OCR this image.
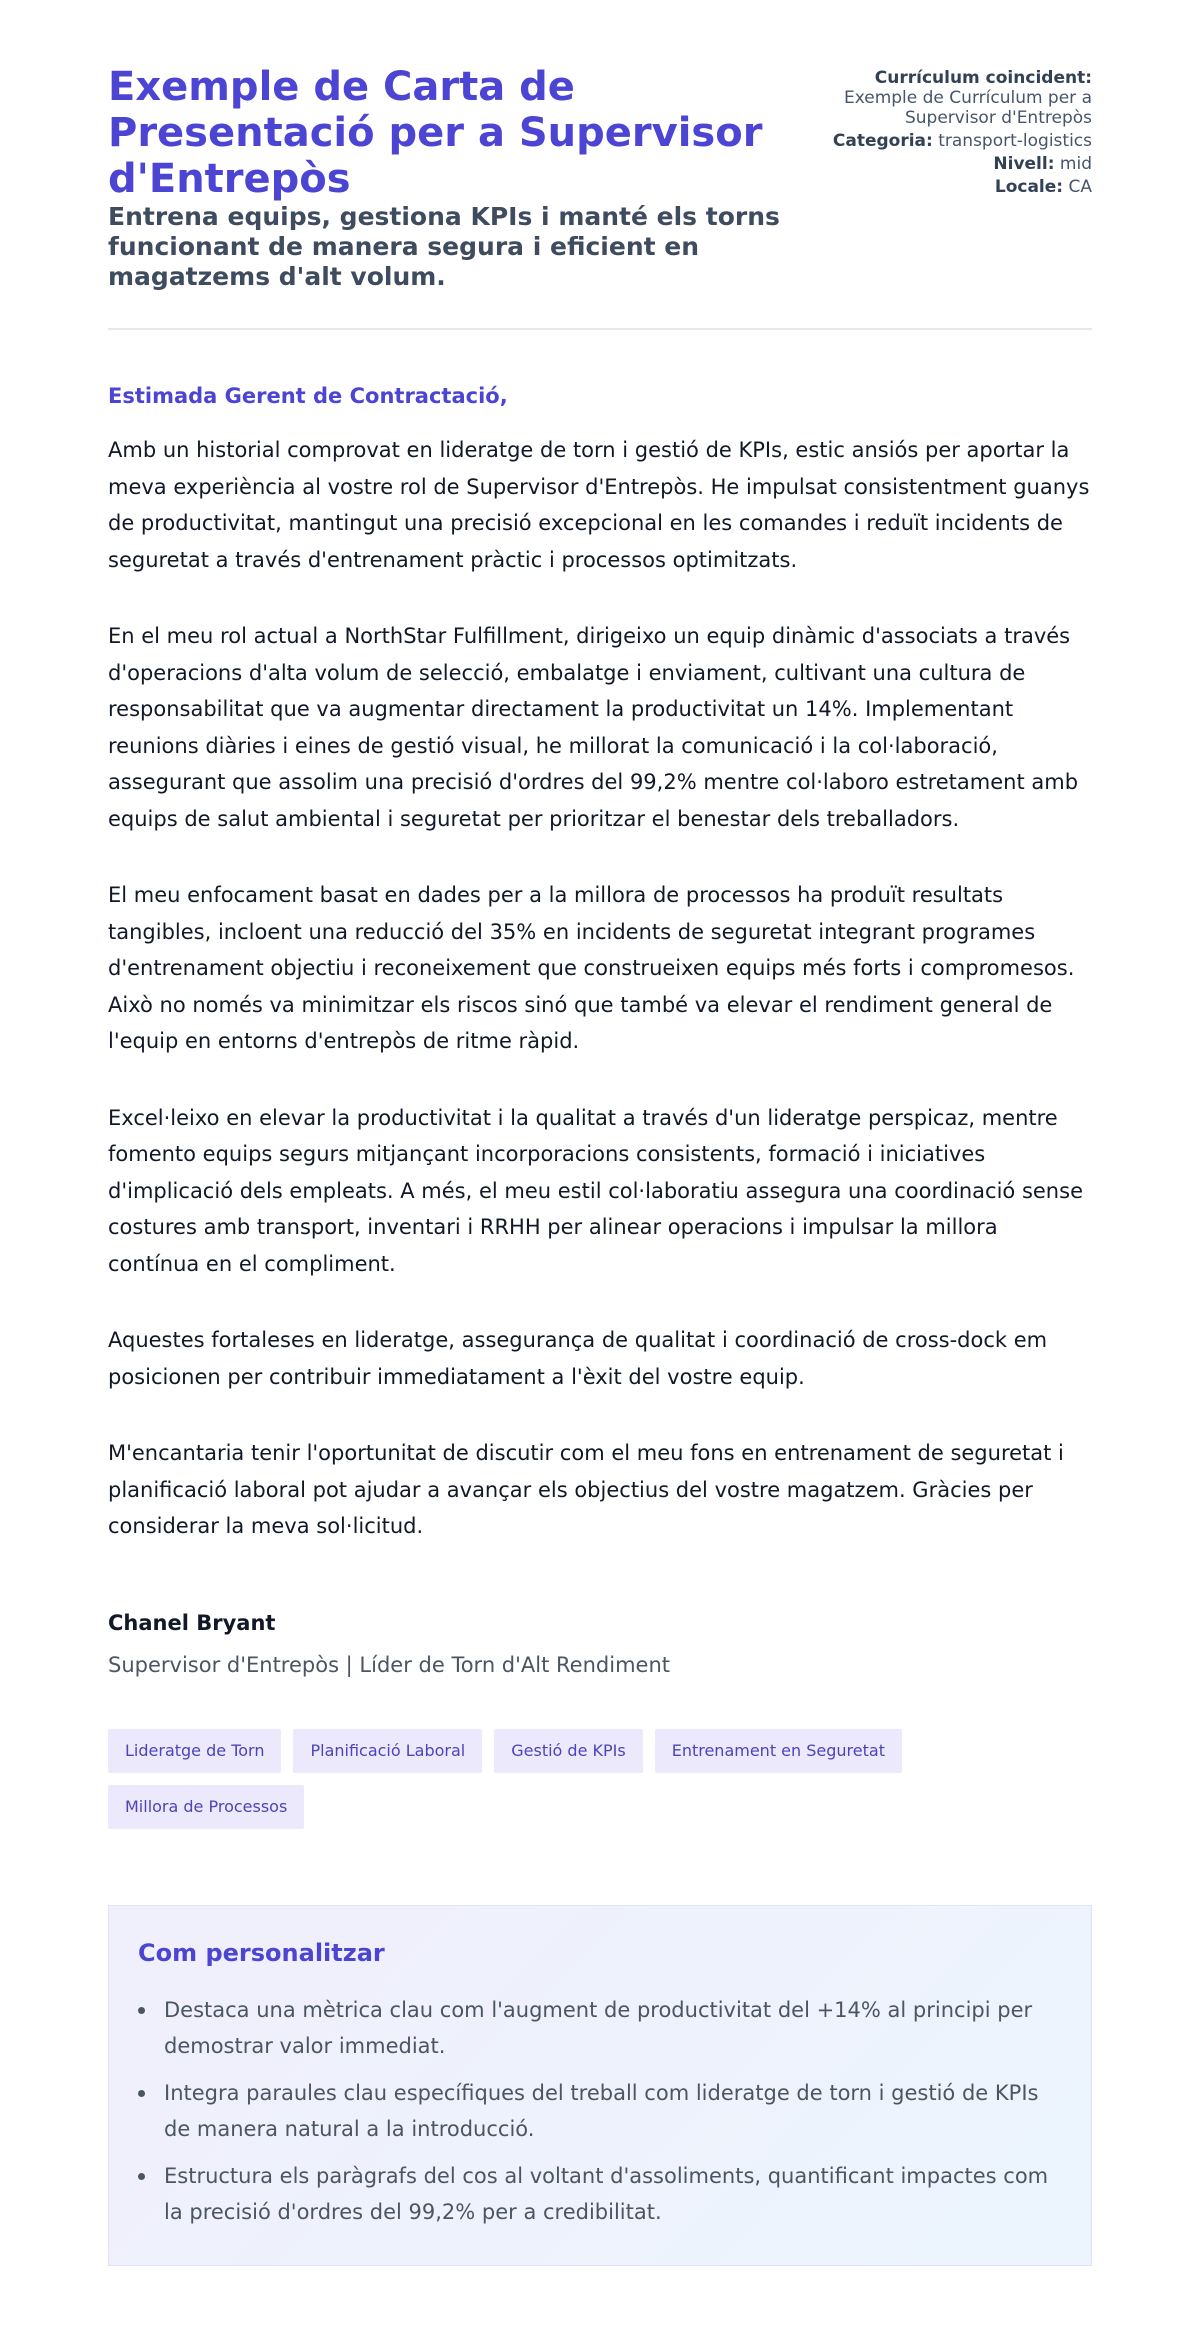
Exemple de Carta de Presentació per a Supervisor d'Entrepòs
Entrena equips, gestiona KPIs i manté els torns funcionant de manera segura i eficient en magatzems d'alt volum.
Currículum coincident:
Exemple de Currículum per a Supervisor d'Entrepòs
Categoria: transport-logistics
Nivell: mid
Locale: CA

Estimada Gerent de Contractació,

Amb un historial comprovat en lideratge de torn i gestió de KPIs, estic ansiós per aportar la meva experiència al vostre rol de Supervisor d'Entrepòs. He impulsat consistentment guanys de productivitat, mantingut una precisió excepcional en les comandes i reduït incidents de seguretat a través d'entrenament pràctic i processos optimitzats.

En el meu rol actual a NorthStar Fulfillment, dirigeixo un equip dinàmic d'associats a través d'operacions d'alta volum de selecció, embalatge i enviament, cultivant una cultura de responsabilitat que va augmentar directament la productivitat un 14%. Implementant reunions diàries i eines de gestió visual, he millorat la comunicació i la col·laboració, assegurant que assolim una precisió d'ordres del 99,2% mentre col·laboro estretament amb equips de salut ambiental i seguretat per prioritzar el benestar dels treballadors.

El meu enfocament basat en dades per a la millora de processos ha produït resultats tangibles, incloent una reducció del 35% en incidents de seguretat integrant programes d'entrenament objectiu i reconeixement que construeixen equips més forts i compromesos. Això no només va minimitzar els riscos sinó que també va elevar el rendiment general de l'equip en entorns d'entrepòs de ritme ràpid.

Excel·leixo en elevar la productivitat i la qualitat a través d'un lideratge perspicaz, mentre fomento equips segurs mitjançant incorporacions consistents, formació i iniciatives d'implicació dels empleats. A més, el meu estil col·laboratiu assegura una coordinació sense costures amb transport, inventari i RRHH per alinear operacions i impulsar la millora contínua en el compliment.

Aquestes fortaleses en lideratge, assegurança de qualitat i coordinació de cross-dock em posicionen per contribuir immediatament a l'èxit del vostre equip.

M'encantaria tenir l'oportunitat de discutir com el meu fons en entrenament de seguretat i planificació laboral pot ajudar a avançar els objectius del vostre magatzem. Gràcies per considerar la meva sol·licitud.

Chanel Bryant
Supervisor d'Entrepòs | Líder de Torn d'Alt Rendiment
Lideratge de Torn	Planificació Laboral	Gestió de KPIs	Entrenament en Seguretat
Millora de Processos
Com personalitzar
Destaca una mètrica clau com l'augment de productivitat del +14% al principi per demostrar valor immediat.
Integra paraules clau específiques del treball com lideratge de torn i gestió de KPIs de manera natural a la introducció.
Estructura els paràgrafs del cos al voltant d'assoliments, quantificant impactes com la precisió d'ordres del 99,2% per a credibilitat.
